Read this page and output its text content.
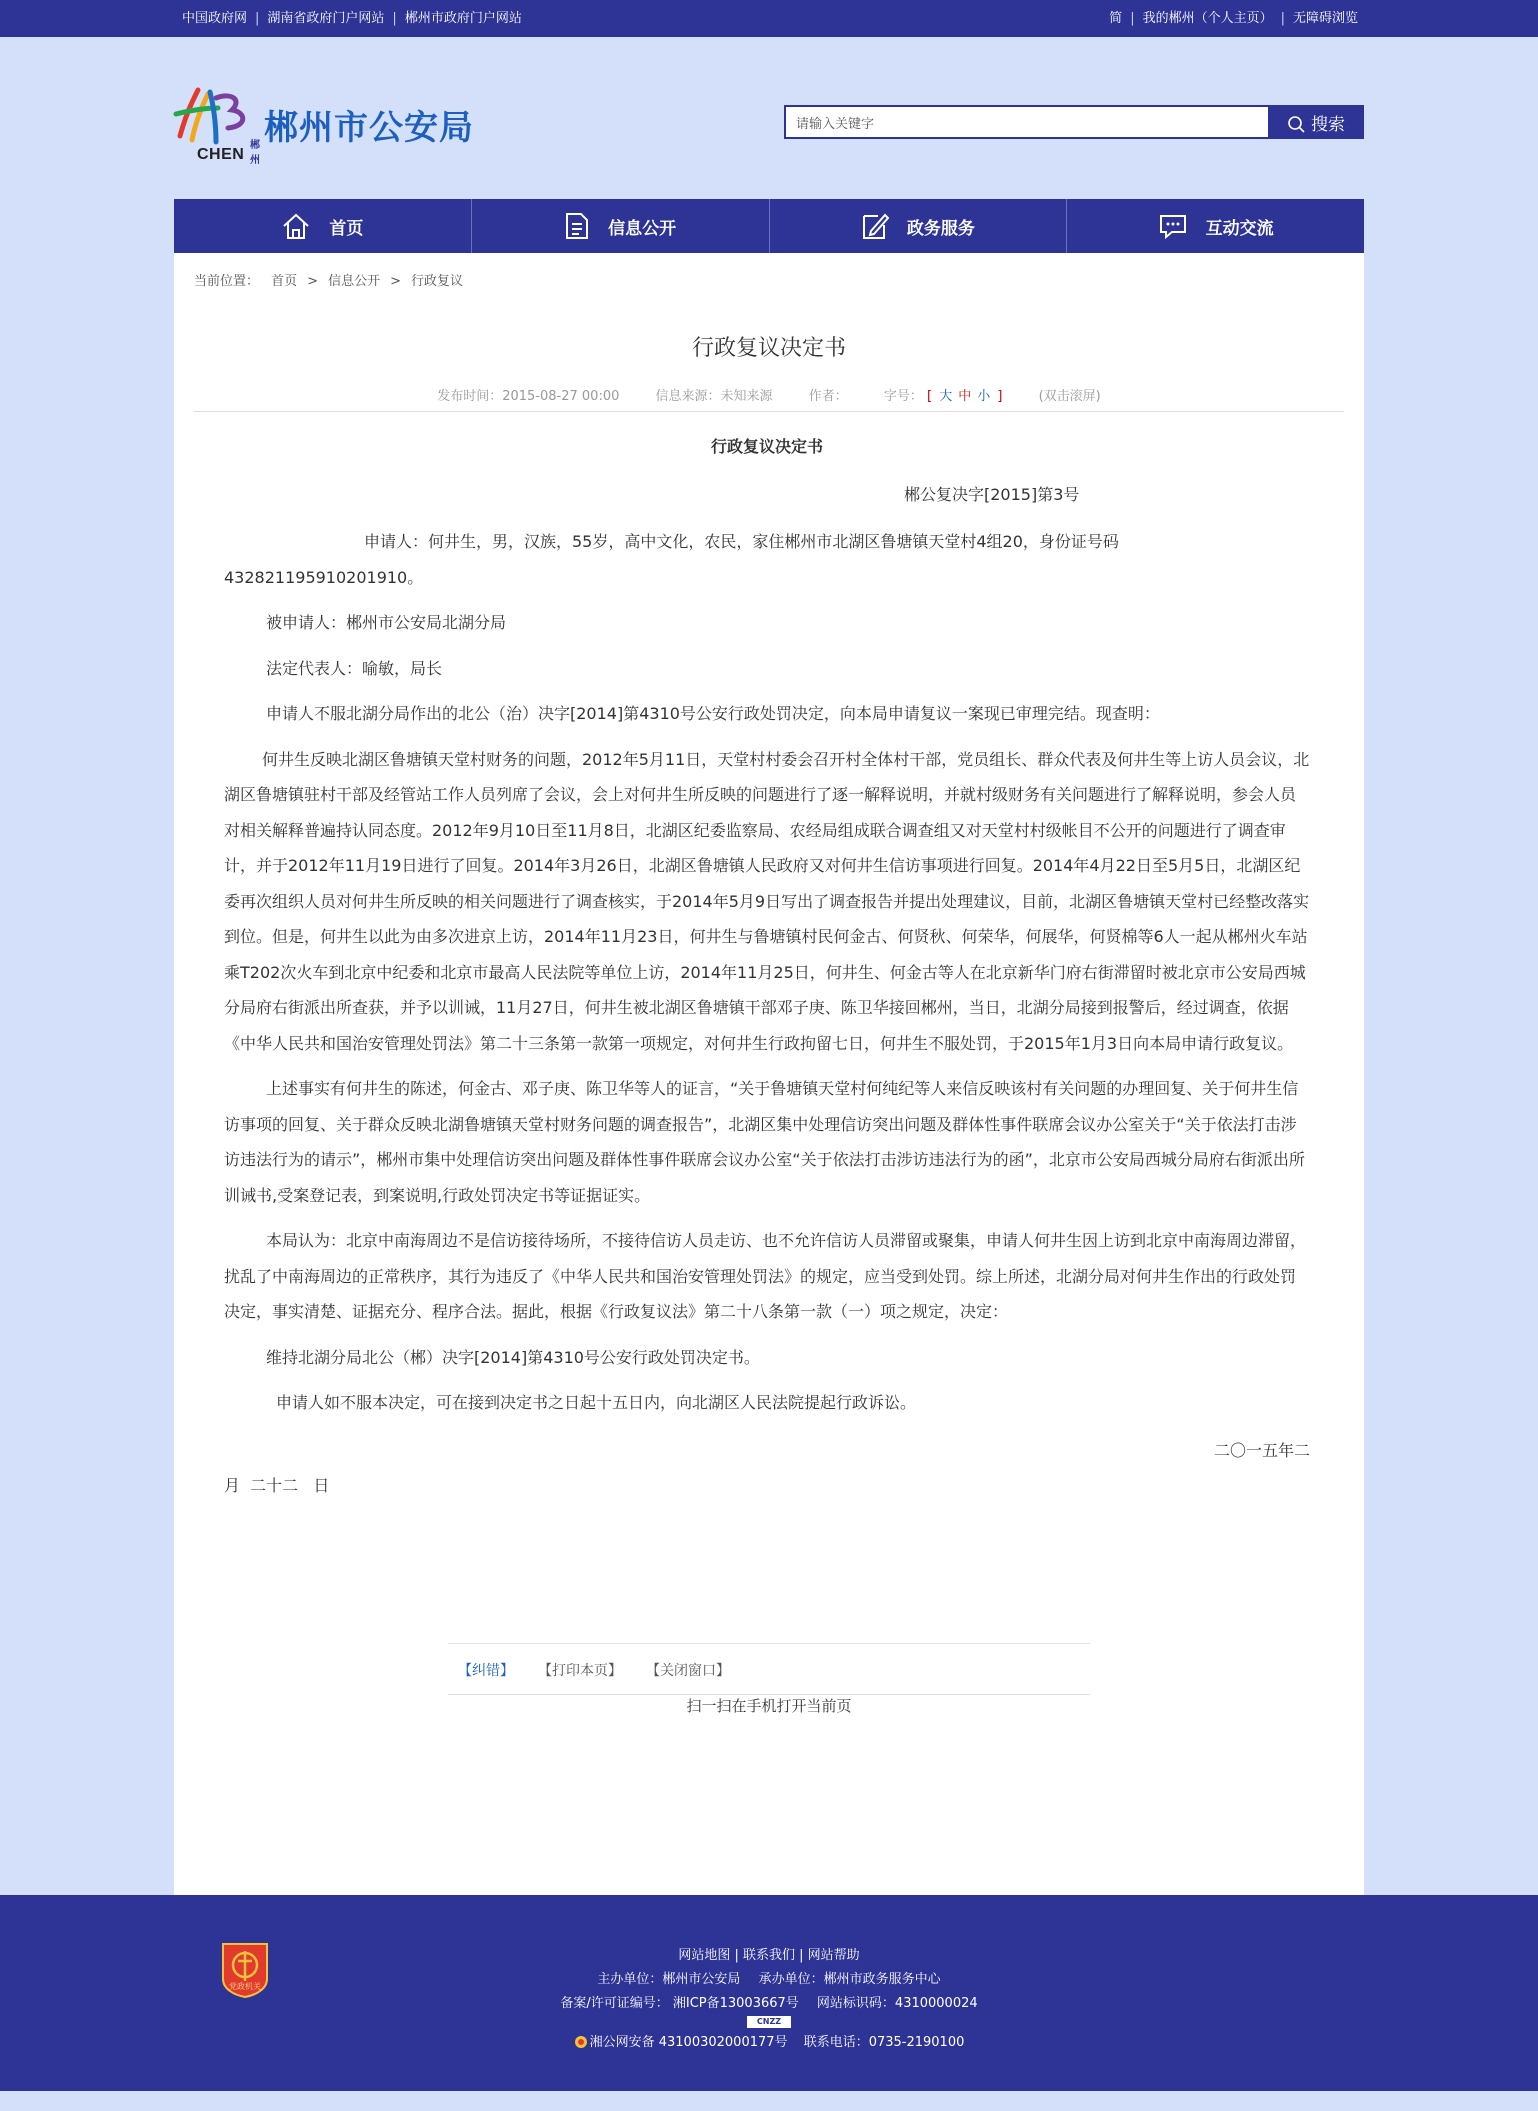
中国政府网 | 湖南省政府门户网站 | 郴州市政府门户网站	简 | 我的郴州（个人主页） | 无障碍浏览
郴州
CHEN
郴州市公安局
请输入关键字	搜索
首页	信息公开	政务服务	互动交流
当前位置： 首页 > 信息公开 > 行政复议
行政复议决定书
发布时间：2015-08-27 00:00	信息来源：未知来源	作者：	字号： [ 大 中 小 ]	(双击滚屏)

行政复议决定书

郴公复决字[2015]第3号

申请人：何井生，男，汉族，55岁，高中文化，农民，家住郴州市北湖区鲁塘镇天堂村4组20，身份证号码432821195910201910。

被申请人：郴州市公安局北湖分局

法定代表人：喻敏，局长

申请人不服北湖分局作出的北公（治）决字[2014]第4310号公安行政处罚决定，向本局申请复议一案现已审理完结。现查明：

何井生反映北湖区鲁塘镇天堂村财务的问题，2012年5月11日，天堂村村委会召开村全体村干部，党员组长、群众代表及何井生等上访人员会议，北湖区鲁塘镇驻村干部及经管站工作人员列席了会议，会上对何井生所反映的问题进行了逐一解释说明，并就村级财务有关问题进行了解释说明，参会人员对相关解释普遍持认同态度。2012年9月10日至11月8日，北湖区纪委监察局、农经局组成联合调查组又对天堂村村级帐目不公开的问题进行了调查审计，并于2012年11月19日进行了回复。2014年3月26日，北湖区鲁塘镇人民政府又对何井生信访事项进行回复。2014年4月22日至5月5日，北湖区纪委再次组织人员对何井生所反映的相关问题进行了调查核实，于2014年5月9日写出了调查报告并提出处理建议，目前，北湖区鲁塘镇天堂村已经整改落实到位。但是，何井生以此为由多次进京上访，2014年11月23日，何井生与鲁塘镇村民何金古、何贤秋、何荣华，何展华，何贤棉等6人一起从郴州火车站乘T202次火车到北京中纪委和北京市最高人民法院等单位上访，2014年11月25日，何井生、何金古等人在北京新华门府右街滞留时被北京市公安局西城分局府右街派出所查获，并予以训诫，11月27日，何井生被北湖区鲁塘镇干部邓子庚、陈卫华接回郴州，当日，北湖分局接到报警后，经过调查，依据《中华人民共和国治安管理处罚法》第二十三条第一款第一项规定，对何井生行政拘留七日，何井生不服处罚，于2015年1月3日向本局申请行政复议。

上述事实有何井生的陈述，何金古、邓子庚、陈卫华等人的证言，“关于鲁塘镇天堂村何纯纪等人来信反映该村有关问题的办理回复、关于何井生信访事项的回复、关于群众反映北湖鲁塘镇天堂村财务问题的调查报告”，北湖区集中处理信访突出问题及群体性事件联席会议办公室关于“关于依法打击涉访违法行为的请示”，郴州市集中处理信访突出问题及群体性事件联席会议办公室“关于依法打击涉访违法行为的函”，北京市公安局西城分局府右街派出所训诫书,受案登记表，到案说明,行政处罚决定书等证据证实。

本局认为：北京中南海周边不是信访接待场所，不接待信访人员走访、也不允许信访人员滞留或聚集，申请人何井生因上访到北京中南海周边滞留，扰乱了中南海周边的正常秩序，其行为违反了《中华人民共和国治安管理处罚法》的规定，应当受到处罚。综上所述，北湖分局对何井生作出的行政处罚决定，事实清楚、证据充分、程序合法。据此，根据《行政复议法》第二十八条第一款（一）项之规定，决定：

维持北湖分局北公（郴）决字[2014]第4310号公安行政处罚决定书。

申请人如不服本决定，可在接到决定书之日起十五日内，向北湖区人民法院提起行政诉讼。

二〇一五年二

月  二十二   日

【纠错】 【打印本页】 【关闭窗口】
扫一扫在手机打开当前页
党政机关
网站地图 | 联系我们 | 网站帮助
主办单位：郴州市公安局 承办单位：郴州市政务服务中心
备案/许可证编号： 湘ICP备13003667号 网站标识码：4310000024
CNZZ
湘公网安备 43100302000177号 联系电话：0735-2190100
